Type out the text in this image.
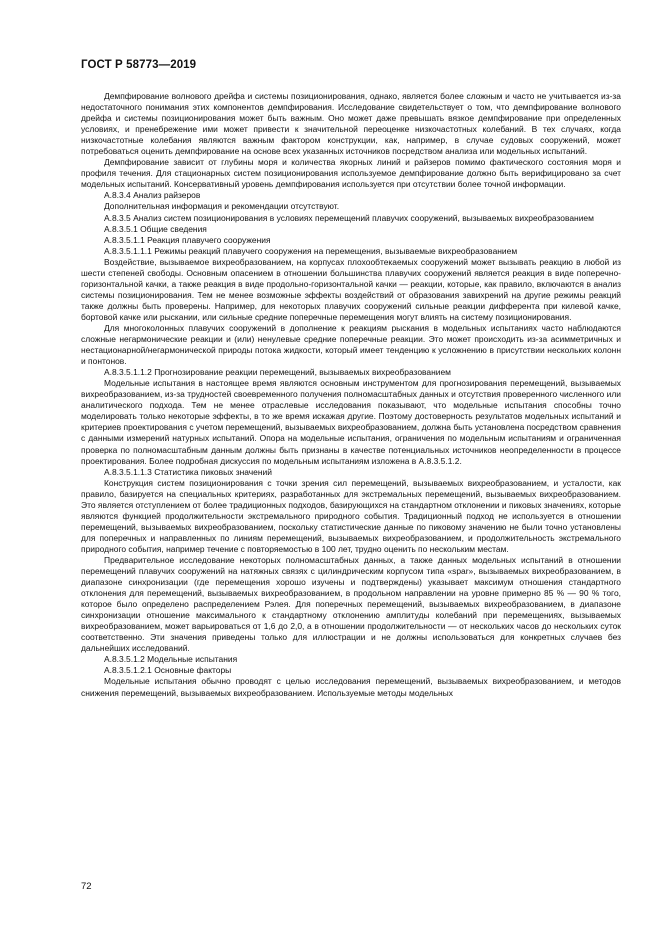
ГОСТ Р 58773—2019

Демпфирование волнового дрейфа и системы позиционирования, однако, является более сложным и часто не учитывается из-за недостаточного понимания этих компонентов демпфирования. Исследование свидетельствует о том, что демпфирование волнового дрейфа и системы позиционирования может быть важным. Оно может даже превышать вязкое демпфирование при определенных условиях, и пренебрежение ими может привести к значительной переоценке низкочастотных колебаний. В тех случаях, когда низкочастотные колебания являются важным фактором конструкции, как, например, в случае судовых сооружений, может потребоваться оценить демпфирование на основе всех указанных источников посредством анализа или модельных испытаний.

Демпфирование зависит от глубины моря и количества якорных линий и райзеров помимо фактического состояния моря и профиля течения. Для стационарных систем позиционирования используемое демпфирование должно быть верифицировано за счет модельных испытаний. Консервативный уровень демпфирования используется при отсутствии более точной информации.

А.8.3.4 Анализ райзеров

Дополнительная информация и рекомендации отсутствуют.

А.8.3.5 Анализ систем позиционирования в условиях перемещений плавучих сооружений, вызываемых вихреобразованием

А.8.3.5.1 Общие сведения

А.8.3.5.1.1 Реакция плавучего сооружения

А.8.3.5.1.1.1 Режимы реакций плавучего сооружения на перемещения, вызываемые вихреобразованием

Воздействие, вызываемое вихреобразованием, на корпусах плохообтекаемых сооружений может вызывать реакцию в любой из шести степеней свободы. Основным опасением в отношении большинства плавучих сооружений является реакция в виде поперечно-горизонтальной качки, а также реакция в виде продольно-горизонтальной качки — реакции, которые, как правило, включаются в анализ системы позиционирования. Тем не менее возможные эффекты воздействий от образования завихрений на другие режимы реакций также должны быть проверены. Например, для некоторых плавучих сооружений сильные реакции дифферента при килевой качке, бортовой качке или рыскании, или сильные средние поперечные перемещения могут влиять на систему позиционирования.

Для многоколонных плавучих сооружений в дополнение к реакциям рыскания в модельных испытаниях часто наблюдаются сложные негармонические реакции и (или) ненулевые средние поперечные реакции. Это может происходить из-за асимметричных и нестационарной/негармонической природы потока жидкости, который имеет тенденцию к усложнению в присутствии нескольких колонн и понтонов.

А.8.3.5.1.1.2 Прогнозирование реакции перемещений, вызываемых вихреобразованием

Модельные испытания в настоящее время являются основным инструментом для прогнозирования перемещений, вызываемых вихреобразованием, из-за трудностей своевременного получения полномасштабных данных и отсутствия проверенного численного или аналитического подхода. Тем не менее отраслевые исследования показывают, что модельные испытания способны точно моделировать только некоторые эффекты, в то же время искажая другие. Поэтому достоверность результатов модельных испытаний и критериев проектирования с учетом перемещений, вызываемых вихреобразованием, должна быть установлена посредством сравнения с данными измерений натурных испытаний. Опора на модельные испытания, ограничения по модельным испытаниям и ограниченная проверка по полномасштабным данным должны быть признаны в качестве потенциальных источников неопределенности в процессе проектирования. Более подробная дискуссия по модельным испытаниям изложена в А.8.3.5.1.2.

А.8.3.5.1.1.3 Статистика пиковых значений

Конструкция систем позиционирования с точки зрения сил перемещений, вызываемых вихреобразованием, и усталости, как правило, базируется на специальных критериях, разработанных для экстремальных перемещений, вызываемых вихреобразованием. Это является отступлением от более традиционных подходов, базирующихся на стандартном отклонении и пиковых значениях, которые являются функцией продолжительности экстремального природного события. Традиционный подход не используется в отношении перемещений, вызываемых вихреобразованием, поскольку статистические данные по пиковому значению не были точно установлены для поперечных и направленных по линиям перемещений, вызываемых вихреобразованием, и продолжительность экстремального природного события, например течение с повторяемостью в 100 лет, трудно оценить по нескольким местам.

Предварительное исследование некоторых полномасштабных данных, а также данных модельных испытаний в отношении перемещений плавучих сооружений на натяжных связях с цилиндрическим корпусом типа «spar», вызываемых вихреобразованием, в диапазоне синхронизации (где перемещения хорошо изучены и подтверждены) указывает максимум отношения стандартного отклонения для перемещений, вызываемых вихреобразованием, в продольном направлении на уровне примерно 85 % — 90 % того, которое было определено распределением Рэлея. Для поперечных перемещений, вызываемых вихреобразованием, в диапазоне синхронизации отношение максимального к стандартному отклонению амплитуды колебаний при перемещениях, вызываемых вихреобразованием, может варьироваться от 1,6 до 2,0, а в отношении продолжительности — от нескольких часов до нескольких суток соответственно. Эти значения приведены только для иллюстрации и не должны использоваться для конкретных случаев без дальнейших исследований.

А.8.3.5.1.2 Модельные испытания

А.8.3.5.1.2.1 Основные факторы

Модельные испытания обычно проводят с целью исследования перемещений, вызываемых вихреобразованием, и методов снижения перемещений, вызываемых вихреобразованием. Используемые методы модельных

72
